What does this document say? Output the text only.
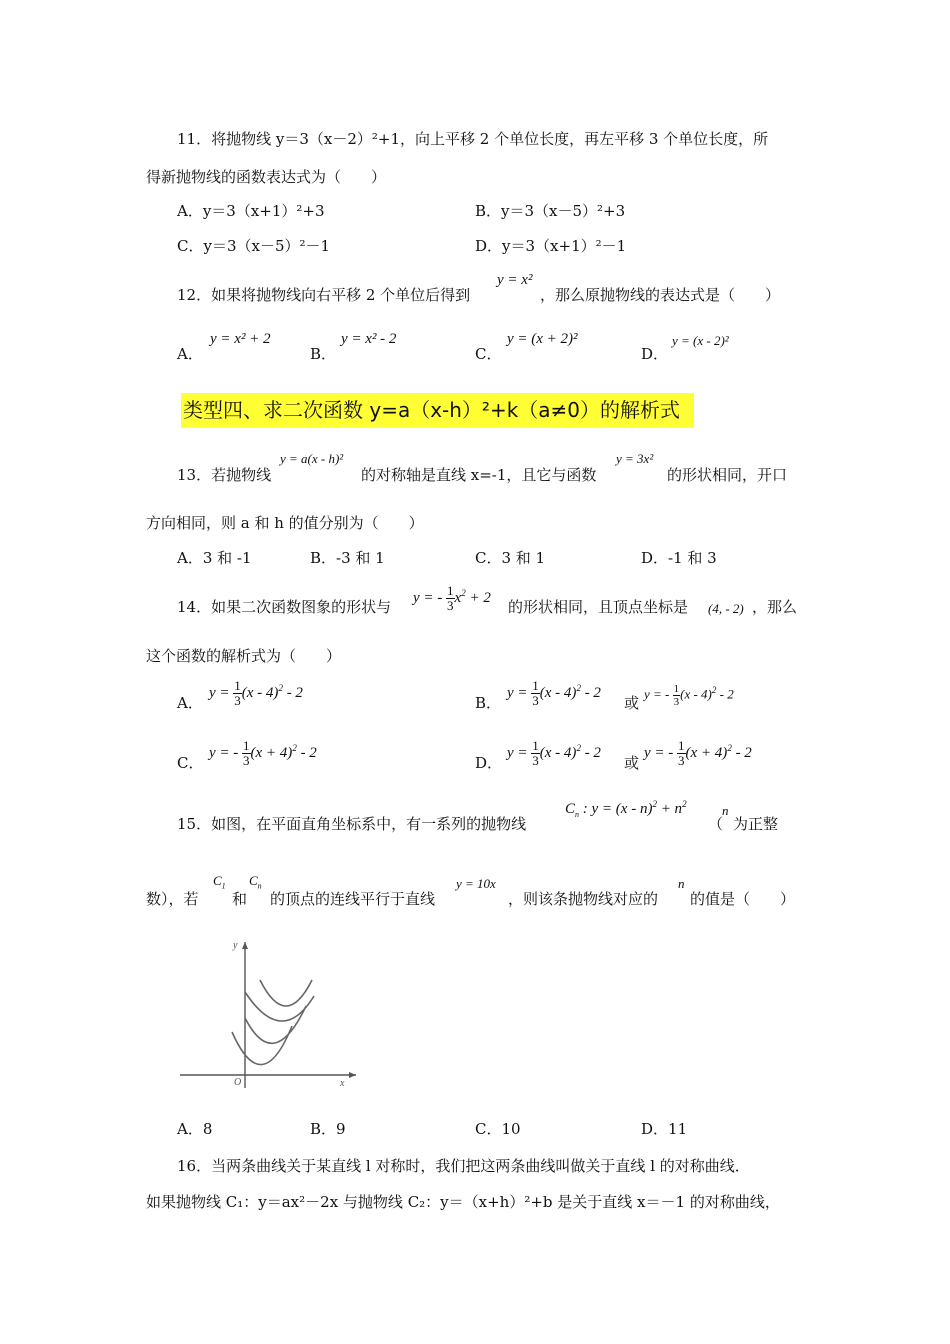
11．将抛物线 y＝3（x－2）²+1，向上平移 2 个单位长度，再左平移 3 个单位长度，所
得新抛物线的函数表达式为（　　）
A．y＝3（x+1）²+3	B．y＝3（x－5）²+3
C．y＝3（x－5）²－1	D．y＝3（x+1）²－1
12．如果将抛物线向右平移 2 个单位后得到
y = x²
，那么原抛物线的表达式是（　　）
A．
y = x² + 2
B．
y = x² - 2
C．
y = (x + 2)²
D．
y = (x - 2)²
类型四、求二次函数 y=a（x-h）²+k（a≠0）的解析式
13．若抛物线
y = a(x - h)²
的对称轴是直线 x=-1，且它与函数
y = 3x²
的形状相同，开口
方向相同，则 a 和 h 的值分别为（　　）
A．3 和 -1	B．-3 和 1	C．3 和 1	D．-1 和 3
14．如果二次函数图象的形状与
y = - $\frac{1}{3} x^2 + 2$
的形状相同，且顶点坐标是 (4, - 2) ，那么
这个函数的解析式为（　　）
A．
$y = \frac{1}{3} (x - 4)^2 - 2$
B．
$y = \frac{1}{3} (x - 4)^2 - 2$
或
y = - $\frac{1}{3} (x - 4)^2 - 2$
C．
y = - $\frac{1}{3} (x + 4)^2 - 2$
D．
$y = \frac{1}{3} (x - 4)^2 - 2$
或
y = - $\frac{1}{3} (x + 4)^2 - 2$
15．如图，在平面直角坐标系中，有一系列的抛物线
$C_n$ : $y = (x - n)^2 + n^2$
（
n
为正整
数），若
$C_1$
和
$C_n$
的顶点的连线平行于直线
y = 10x
，则该条抛物线对应的
n
的值是（　　）
y
x
O
A．8	B．9	C．10	D．11
16．当两条曲线关于某直线 l 对称时，我们把这两条曲线叫做关于直线 l 的对称曲线．
如果抛物线 C₁：y＝ax²－2x 与抛物线 C₂：y＝（x+h）²+b 是关于直线 x＝－1 的对称曲线，
